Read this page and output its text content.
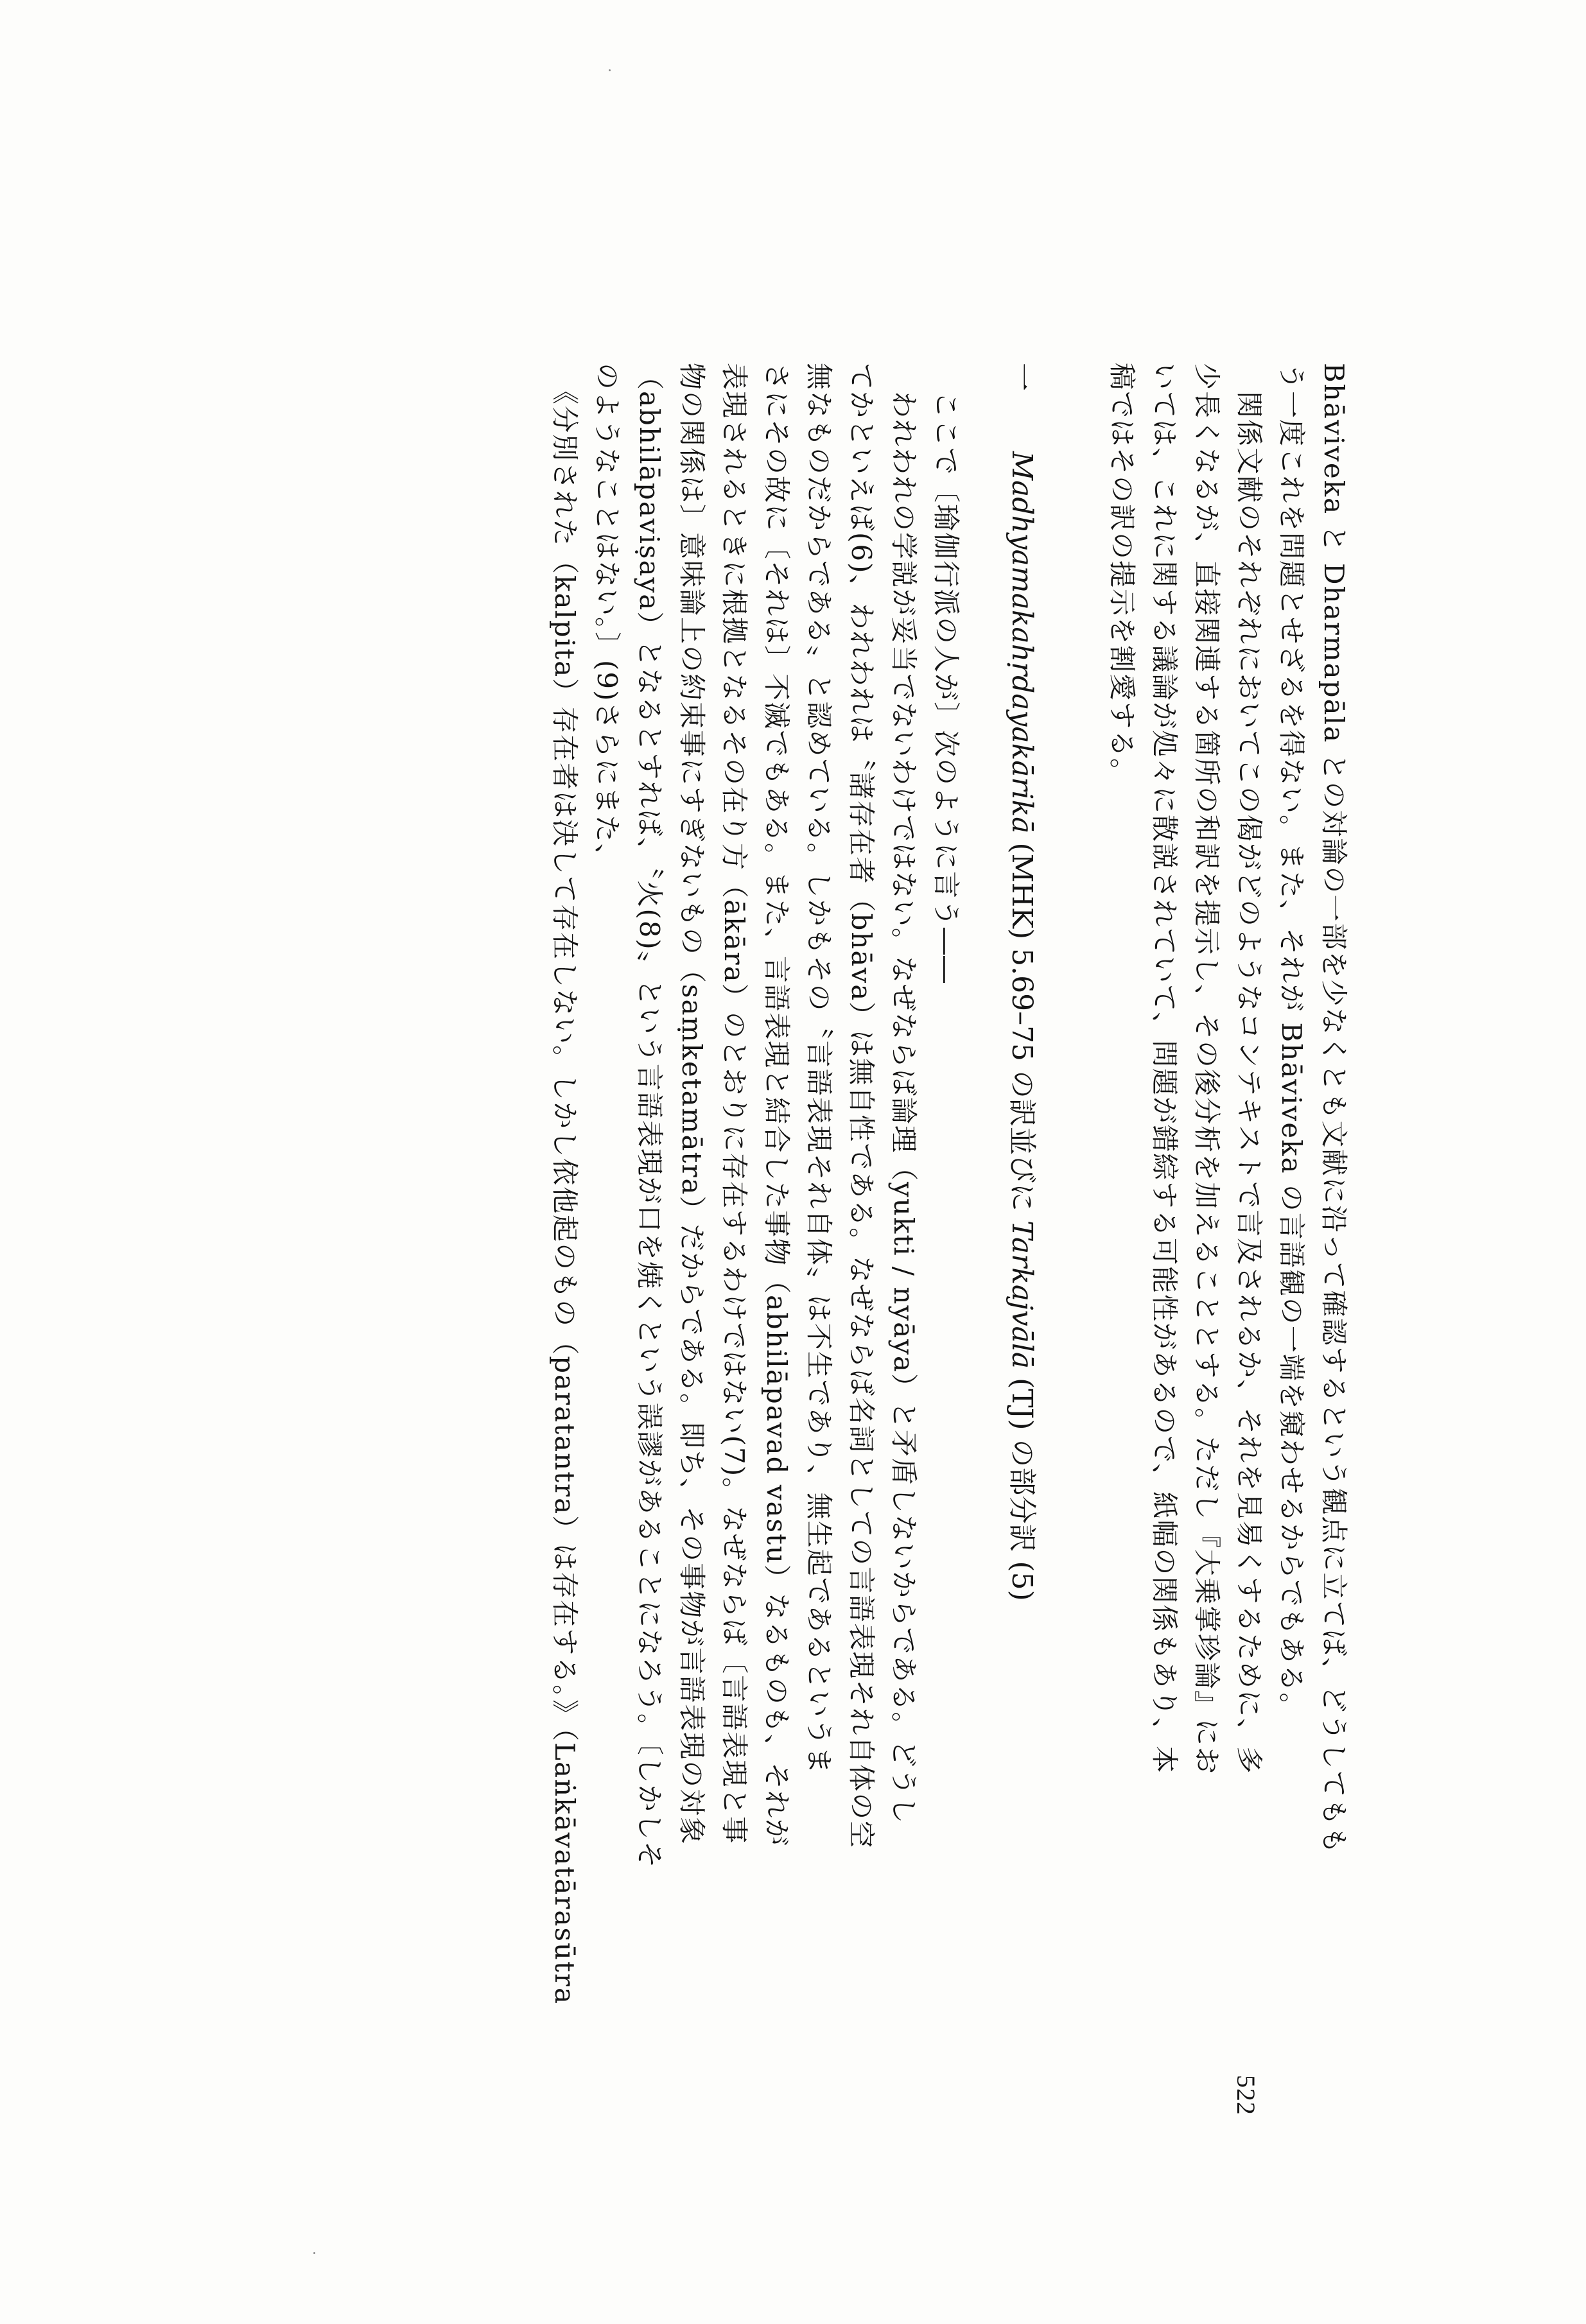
Bhāviveka と Dharmapāla との対論の一部を少なくとも文献に沿って確認するという観点に立てば、どうしてもも
う一度これを問題とせざるを得ない。また、それが Bhāviveka の言語観の一端を窺わせるからでもある。
　関係文献のそれぞれにおいてこの偈がどのようなコンテキストで言及されるか、それを見易くするために、多
少長くなるが、直接関連する箇所の和訳を提示し、その後分析を加えることとする。ただし『大乗掌珍論』にお
いては、これに関する議論が処々に散説されていて、問題が錯綜する可能性があるので、紙幅の関係もあり、本
稿ではその訳の提示を割愛する。
一 Madhyamakahṛdayakārikā (MHK) 5.69–75 の訳並びに Tarkajvālā (TJ) の部分訳 (5)
　ここで〔瑜伽行派の人が〕次のように言う――
　われわれの学説が妥当でないわけではない。なぜならば論理（yukti / nyāya）と矛盾しないからである。どうし
てかといえば(6)、われわれは〝諸存在者（bhāva）は無自性である。なぜならば名詞としての言語表現それ自体の空
無なものだからである〟と認めている。しかもその〝言語表現それ自体〟は不生であり、無生起であるというま
さにその故に〔それは〕不滅でもある。また、言語表現と結合した事物（abhilāpavad vastu）なるものも、それが
表現されるときに根拠となるその在り方（ākāra）のとおりに存在するわけではない(7)。なぜならば〔言語表現と事
物の関係は〕意味論上の約束事にすぎないもの（saṃketamātra）だからである。即ち、その事物が言語表現の対象
（abhilāpaviṣaya）となるとすれば、〝火(8)〟という言語表現が口を焼くという誤謬があることになろう。〔しかしそ
のようなことはない。〕(9)さらにまた、
　《分別された（kalpita）存在者は決して存在しない。しかし依他起のもの（paratantra）は存在する。》（Laṅkāvatārasūtra
522
